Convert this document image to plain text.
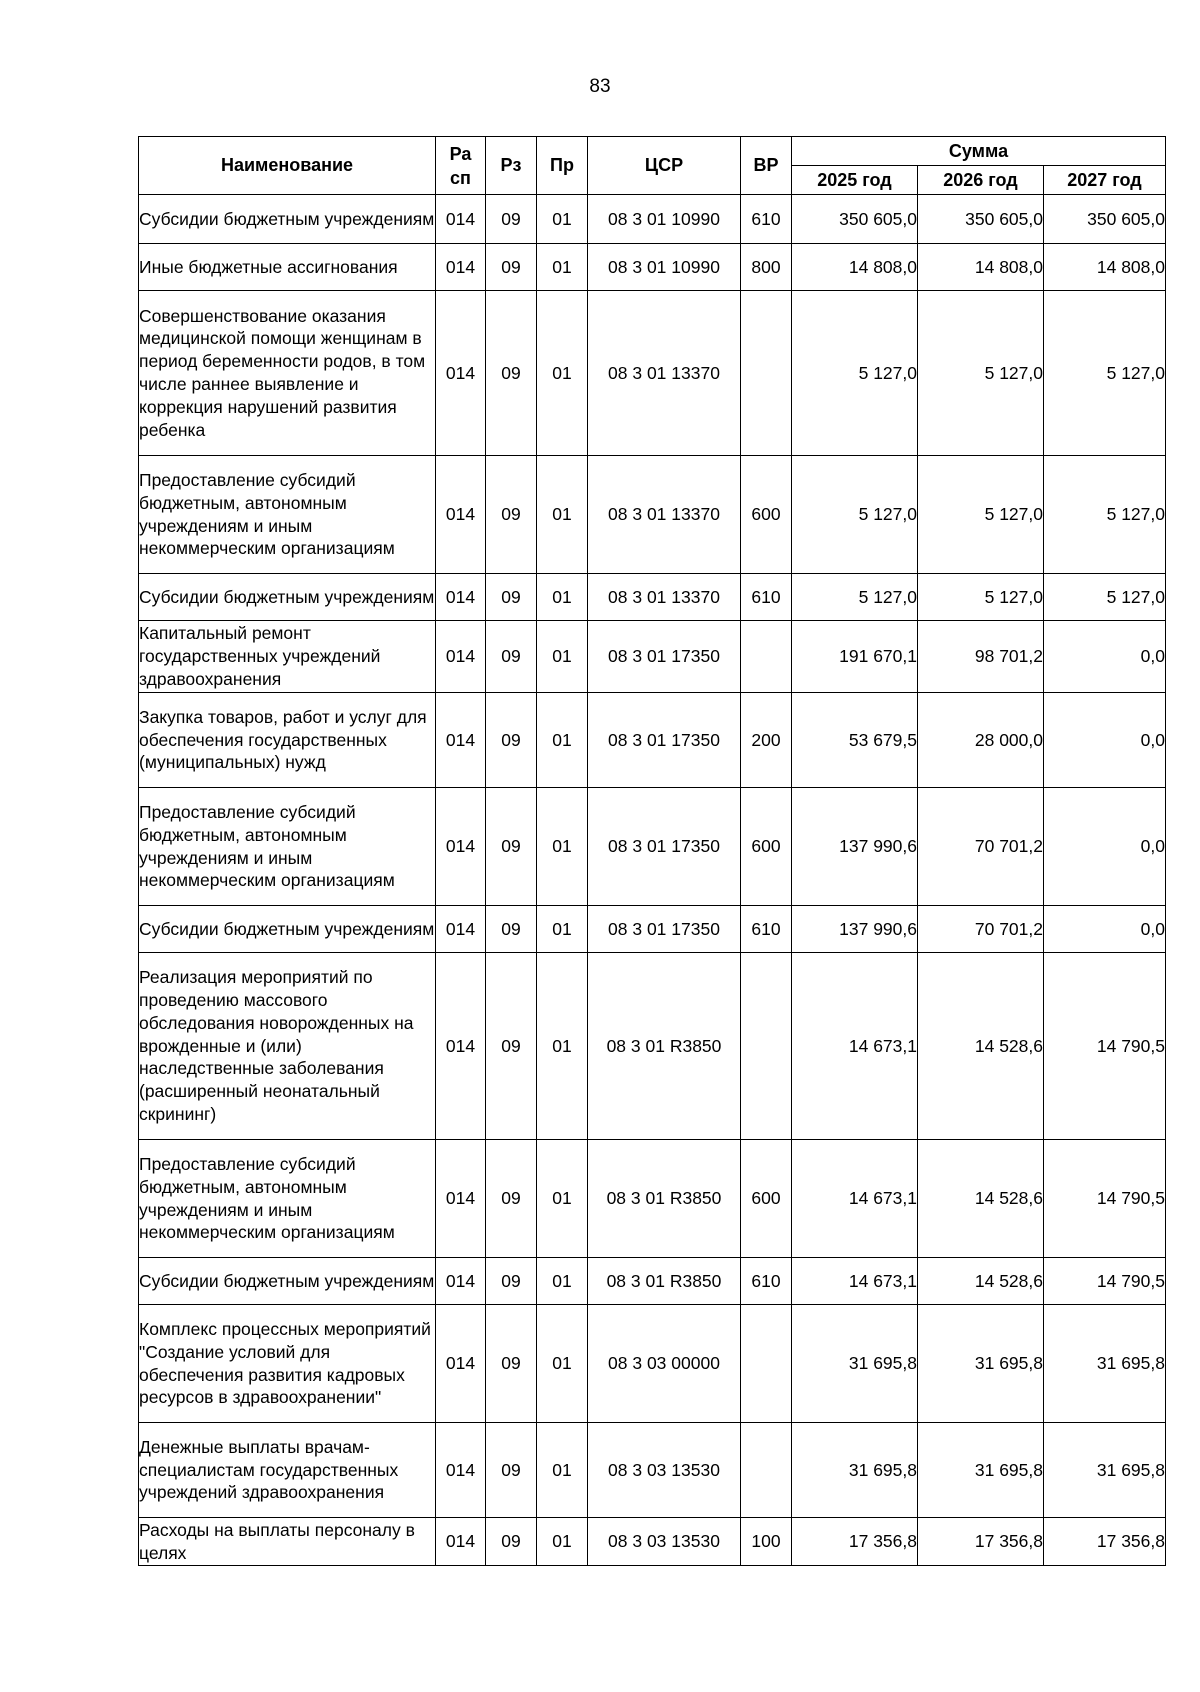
83
Наименование	Ра сп	Рз	Пр	ЦСР	ВР	Сумма		
						2025 год	2026 год	2027 год
Субсидии бюджетным учреждениям	014	09	01	08 3 01 10990	610	350 605,0	350 605,0	350 605,0
Иные бюджетные ассигнования	014	09	01	08 3 01 10990	800	14 808,0	14 808,0	14 808,0
Совершенствование оказания медицинской помощи женщинам в период беременности родов, в том числе раннее выявление и коррекция нарушений развития ребенка	014	09	01	08 3 01 13370		5 127,0	5 127,0	5 127,0
Предоставление субсидий бюджетным, автономным учреждениям и иным некоммерческим организациям	014	09	01	08 3 01 13370	600	5 127,0	5 127,0	5 127,0
Субсидии бюджетным учреждениям	014	09	01	08 3 01 13370	610	5 127,0	5 127,0	5 127,0
Капитальный ремонт государственных учреждений здравоохранения	014	09	01	08 3 01 17350		191 670,1	98 701,2	0,0
Закупка товаров, работ и услуг для обеспечения государственных (муниципальных) нужд	014	09	01	08 3 01 17350	200	53 679,5	28 000,0	0,0
Предоставление субсидий бюджетным, автономным учреждениям и иным некоммерческим организациям	014	09	01	08 3 01 17350	600	137 990,6	70 701,2	0,0
Субсидии бюджетным учреждениям	014	09	01	08 3 01 17350	610	137 990,6	70 701,2	0,0
Реализация мероприятий по проведению массового обследования новорожденных на врожденные и (или) наследственные заболевания (расширенный неонатальный скрининг)	014	09	01	08 3 01 R3850		14 673,1	14 528,6	14 790,5
Предоставление субсидий бюджетным, автономным учреждениям и иным некоммерческим организациям	014	09	01	08 3 01 R3850	600	14 673,1	14 528,6	14 790,5
Субсидии бюджетным учреждениям	014	09	01	08 3 01 R3850	610	14 673,1	14 528,6	14 790,5
Комплекс процессных мероприятий "Создание условий для обеспечения развития кадровых ресурсов в здравоохранении"	014	09	01	08 3 03 00000		31 695,8	31 695,8	31 695,8
Денежные выплаты врачам-специалистам государственных учреждений здравоохранения	014	09	01	08 3 03 13530		31 695,8	31 695,8	31 695,8
Расходы на выплаты персоналу в целях	014	09	01	08 3 03 13530	100	17 356,8	17 356,8	17 356,8
